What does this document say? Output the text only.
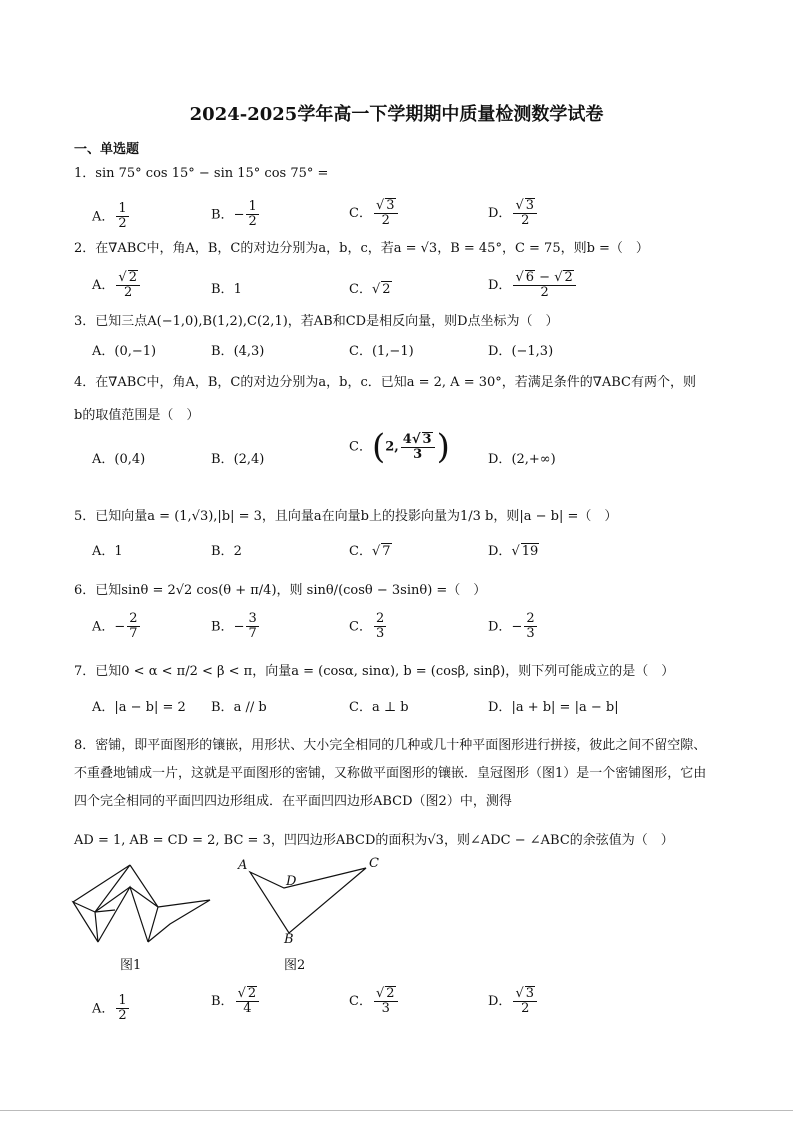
2024-2025学年高一下学期期中质量检测数学试卷
一、单选题
1．sin 75° cos 15° − sin 15° cos 75° =
A． $\frac{1}{2}$	B．− $\frac{1}{2}$	C． $\frac{√ 3}{2}$	D． $\frac{√ 3}{2}$
2．在∇ABC中，角A，B，C的对边分别为a，b，c，若a = √3，B = 45°，C = 75，则b =（　）
A． $\frac{√ 2}{2}$	B．1	C．√ 2	D． $\frac{√ 6 - √ 2}{2}$
3．已知三点A(−1,0),B(1,2),C(2,1)，若AB和CD是相反向量，则D点坐标为（　）
A．(0,−1)	B．(4,3)	C．(1,−1)	D．(−1,3)
4．在∇ABC中，角A，B，C的对边分别为a，b，c．已知a = 2, A = 30°，若满足条件的∇ABC有两个，则
b的取值范围是（　）
A．(0,4)	B．(2,4)
C．(2, $\frac{4√ 3}{3}$ )	D．(2,+∞)
5．已知向量a = (1,√3),|b| = 3，且向量a在向量b上的投影向量为1/3 b，则|a − b| =（　）
A．1	B．2	C．√ 7	D．√ 19
6．已知sinθ = 2√2 cos(θ + π/4)，则 sinθ/(cosθ − 3sinθ) =（　）
A．− $\frac{2}{7}$	B．− $\frac{3}{7}$	C． $\frac{2}{3}$	D．− $\frac{2}{3}$
7．已知0 < α < π/2 < β < π，向量a = (cosα, sinα), b = (cosβ, sinβ)，则下列可能成立的是（　）
A．|a − b| = 2 B．a // b	C．a ⊥ b	D．|a + b| = |a − b|
8．密铺，即平面图形的镶嵌，用形状、大小完全相同的几种或几十种平面图形进行拼接，彼此之间不留空隙、不重叠地铺成一片，这就是平面图形的密铺，又称做平面图形的镶嵌．皇冠图形（图1）是一个密铺图形，它由四个完全相同的平面凹四边形组成．在平面凹四边形ABCD（图2）中，测得
AD = 1, AB = CD = 2, BC = 3，凹四边形ABCD的面积为√3，则∠ADC − ∠ABC的余弦值为（　）
图1
A
D
C
B
图2
A． $\frac{1}{2}$	B． $\frac{√ 2}{4}$	C． $\frac{√ 2}{3}$	D． $\frac{√ 3}{2}$
